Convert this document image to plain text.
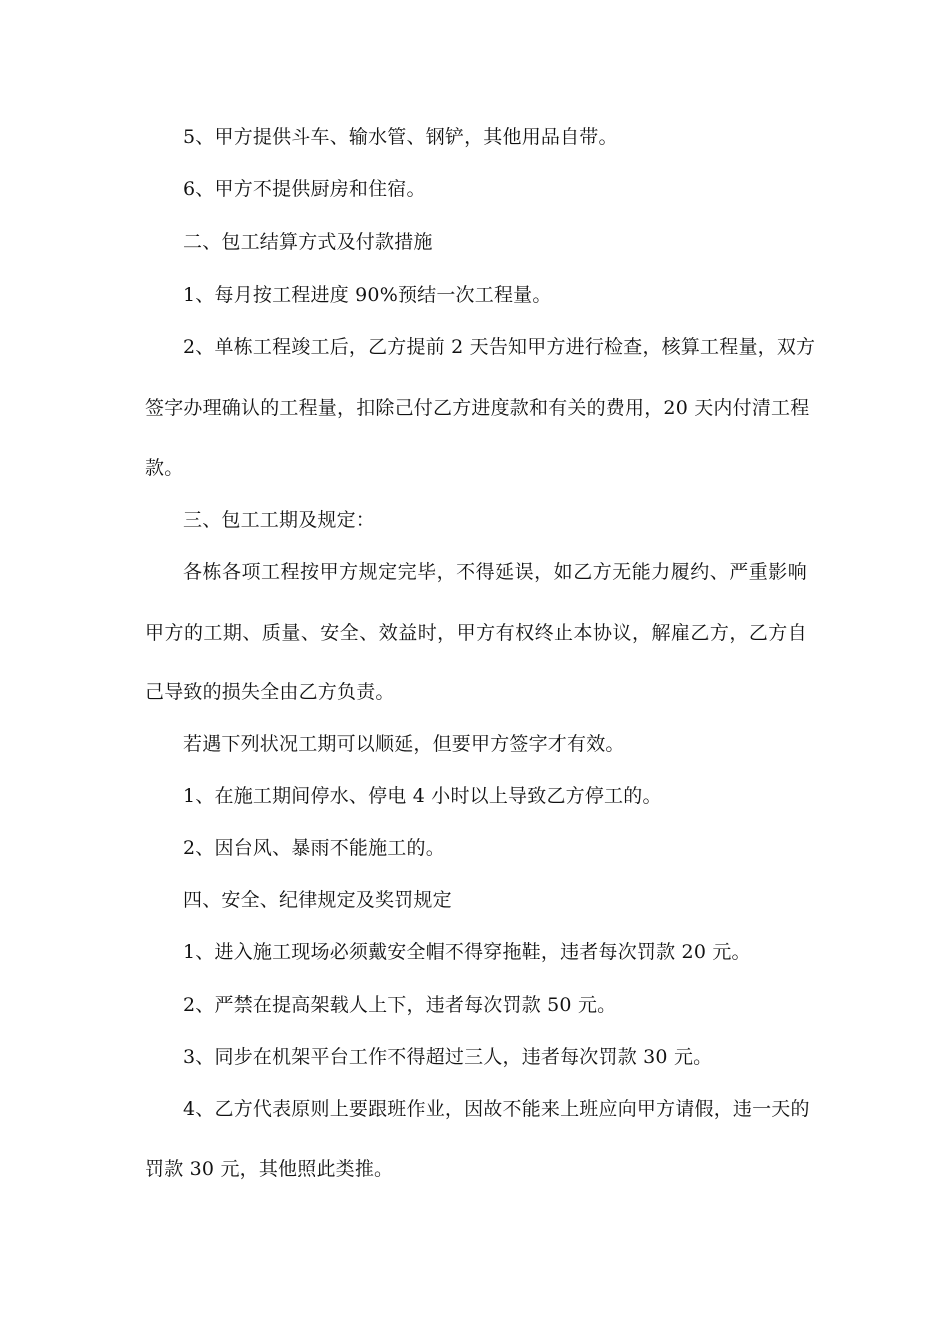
5、甲方提供斗车、输水管、钢铲，其他用品自带。
6、甲方不提供厨房和住宿。
二、包工结算方式及付款措施
1、每月按工程进度 90%预结一次工程量。
2、单栋工程竣工后，乙方提前 2 天告知甲方进行检查，核算工程量，双方
签字办理确认的工程量，扣除己付乙方进度款和有关的费用，20 天内付清工程
款。
三、包工工期及规定：
各栋各项工程按甲方规定完毕，不得延误，如乙方无能力履约、严重影响
甲方的工期、质量、安全、效益时，甲方有权终止本协议，解雇乙方，乙方自
己导致的损失全由乙方负责。
若遇下列状况工期可以顺延，但要甲方签字才有效。
1、在施工期间停水、停电 4 小时以上导致乙方停工的。
2、因台风、暴雨不能施工的。
四、安全、纪律规定及奖罚规定
1、进入施工现场必须戴安全帽不得穿拖鞋，违者每次罚款 20 元。
2、严禁在提高架载人上下，违者每次罚款 50 元。
3、同步在机架平台工作不得超过三人，违者每次罚款 30 元。
4、乙方代表原则上要跟班作业，因故不能来上班应向甲方请假，违一天的
罚款 30 元，其他照此类推。
